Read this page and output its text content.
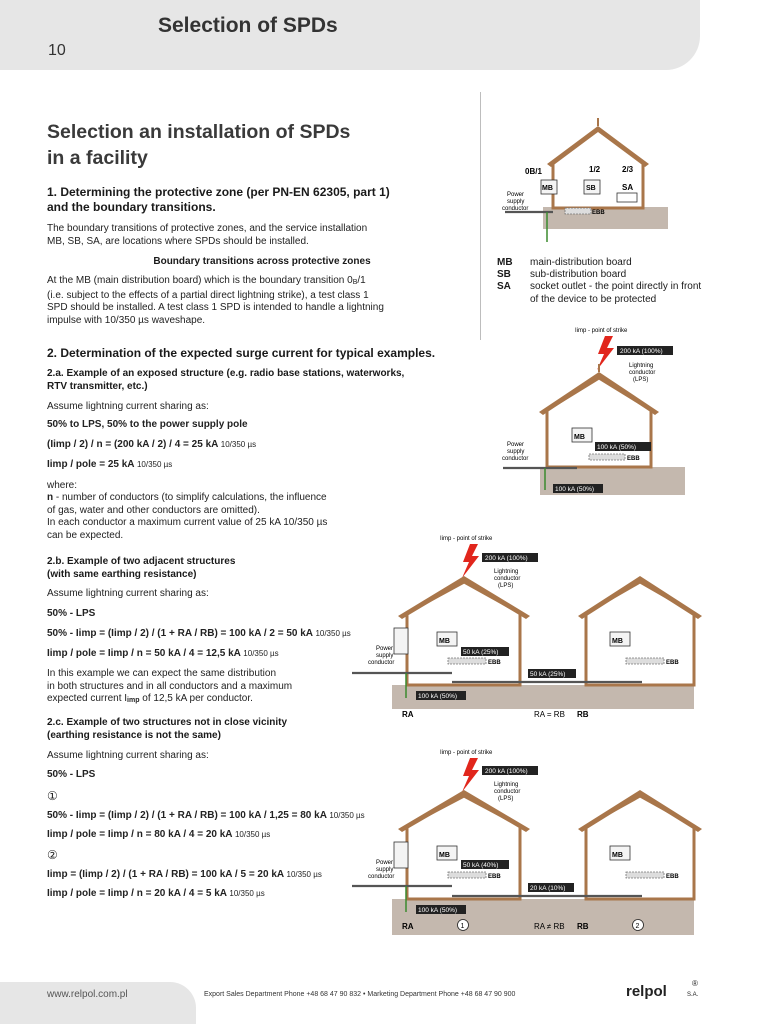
Selection of SPDs
10
Selection an installation of SPDs
in a facility
1. Determining the protective zone (per PN-EN 62305, part 1)
and the boundary transitions.
The boundary transitions of protective zones, and the service installation
MB, SB, SA, are locations where SPDs should be installed.
Boundary transitions across protective zones
At the MB (main distribution board) which is the boundary transition 0B/1
(i.e. subject to the effects of a partial direct lightning strike), a test class 1
SPD should be installed. A test class 1 SPD is intended to handle a lightning
impulse with 10/350 µs waveshape.
2. Determination of the expected surge current for typical examples.
2.a. Example of an exposed structure (e.g. radio base stations, waterworks,
RTV transmitter, etc.)
Assume lightning current sharing as:
50% to LPS, 50% to the power supply pole
(Iimp / 2) / n = (200 kA / 2) / 4 = 25 kA 10/350 µs
Iimp / pole = 25 kA 10/350 µs
where:
n - number of conductors (to simplify calculations, the influence
of gas, water and other conductors are omitted).
In each conductor a maximum current value of 25 kA 10/350 µs
can be expected.
2.b. Example of two adjacent structures
(with same earthing resistance)
Assume lightning current sharing as:
50% - LPS
50% - Iimp = (Iimp / 2) / (1 + RA / RB) = 100 kA / 2 = 50 kA 10/350 µs
Iimp / pole = Iimp / n = 50 kA / 4 = 12,5 kA 10/350 µs
In this example we can expect the same distribution
in both structures and in all conductors and a maximum
expected current Iimp of 12,5 kA per conductor.
2.c. Example of two structures not in close vicinity
(earthing resistance is not the same)
Assume lightning current sharing as:
50% - LPS
①
50% - Iimp = (Iimp / 2) / (1 + RA / RB) = 100 kA / 1,25 = 80 kA 10/350 µs
Iimp / pole = Iimp / n = 80 kA / 4 = 20 kA 10/350 µs
②
Iimp = (Iimp / 2) / (1 + RA / RB) = 100 kA / 5 = 20 kA 10/350 µs
Iimp / pole = Iimp / n = 20 kA / 4 = 5 kA 10/350 µs
MB main-distribution board
SB sub-distribution board
SA socket outlet - the point directly in front of the device to be protected
0B/1	1/2	2/3
MB	SB	SA
EBB
Power
supply
conductor
Iimp - point of strike
200 kA (100%)
Lightning
conductor
(LPS)
MB
100 kA (50%)
EBB
100 kA (50%)
Power
supply
conductor
Iimp - point of strike
200 kA (100%)
Lightning
conductor
(LPS)
MB	MB
50 kA (25%)
EBB	EBB
50 kA (25%)
100 kA (50%)
Power
supply
conductor
RA	RA = RB RB
Iimp - point of strike
200 kA (100%)
Lightning
conductor
(LPS)
MB	MB
50 kA (40%)
EBB	EBB
20 kA (10%)
100 kA (50%)
Power
supply
conductor
RA	1	RA ≠ RB RB	2
www.relpol.com.pl	Export Sales Department Phone +48 68 47 90 832 • Marketing Department Phone +48 68 47 90 900	relpol	S.A.
®
